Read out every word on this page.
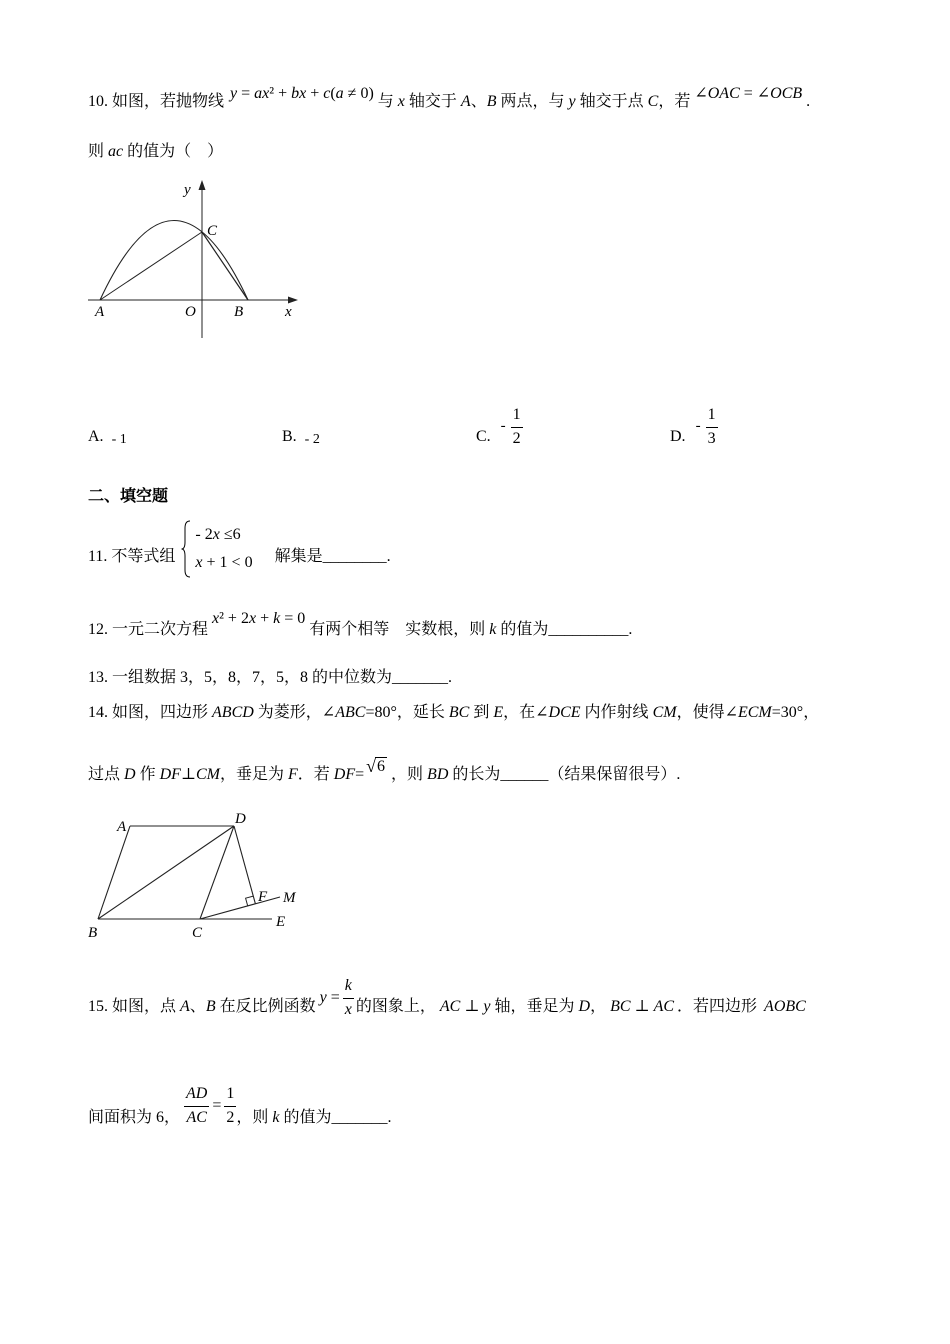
10. 如图，若抛物线 y = ax² + bx + c(a ≠ 0) 与 x 轴交于 A、B 两点，与 y 轴交于点 C，若 ∠OAC = ∠OCB .
则 ac 的值为（    ）
y
C
A	O	B	x
A. - 1	B. - 2	C.
- $\frac{1}{2}$	D.
- $\frac{1}{3}$
二、填空题
11. 不等式组
- 2x ≤6
x + 1 < 0 解集是________.
12. 一元二次方程
x² + 2x + k = 0
有两个相等    实数根，则 k 的值为__________.
13. 一组数据 3，5，8，7，5，8 的中位数为_______.
14. 如图，四边形 ABCD 为菱形，∠ABC=80°，延长 BC 到 E，在∠DCE 内作射线 CM，使得∠ECM=30°，
过点 D 作 DF⊥CM，垂足为 F．若 DF= √ 6 ，则 BD 的长为______（结果保留很号）.
A	D
F M
B	C
E
15. 如图，点 A、B 在反比例函数
$y = \frac{k}{x}$ 的图象上， AC ⊥ y 轴，垂足为 D， BC ⊥ AC ．若四边形 AOBC
间面积为 6， $\frac{AD}{AC} = \frac{1}{2}$ ，则 k 的值为_______.
